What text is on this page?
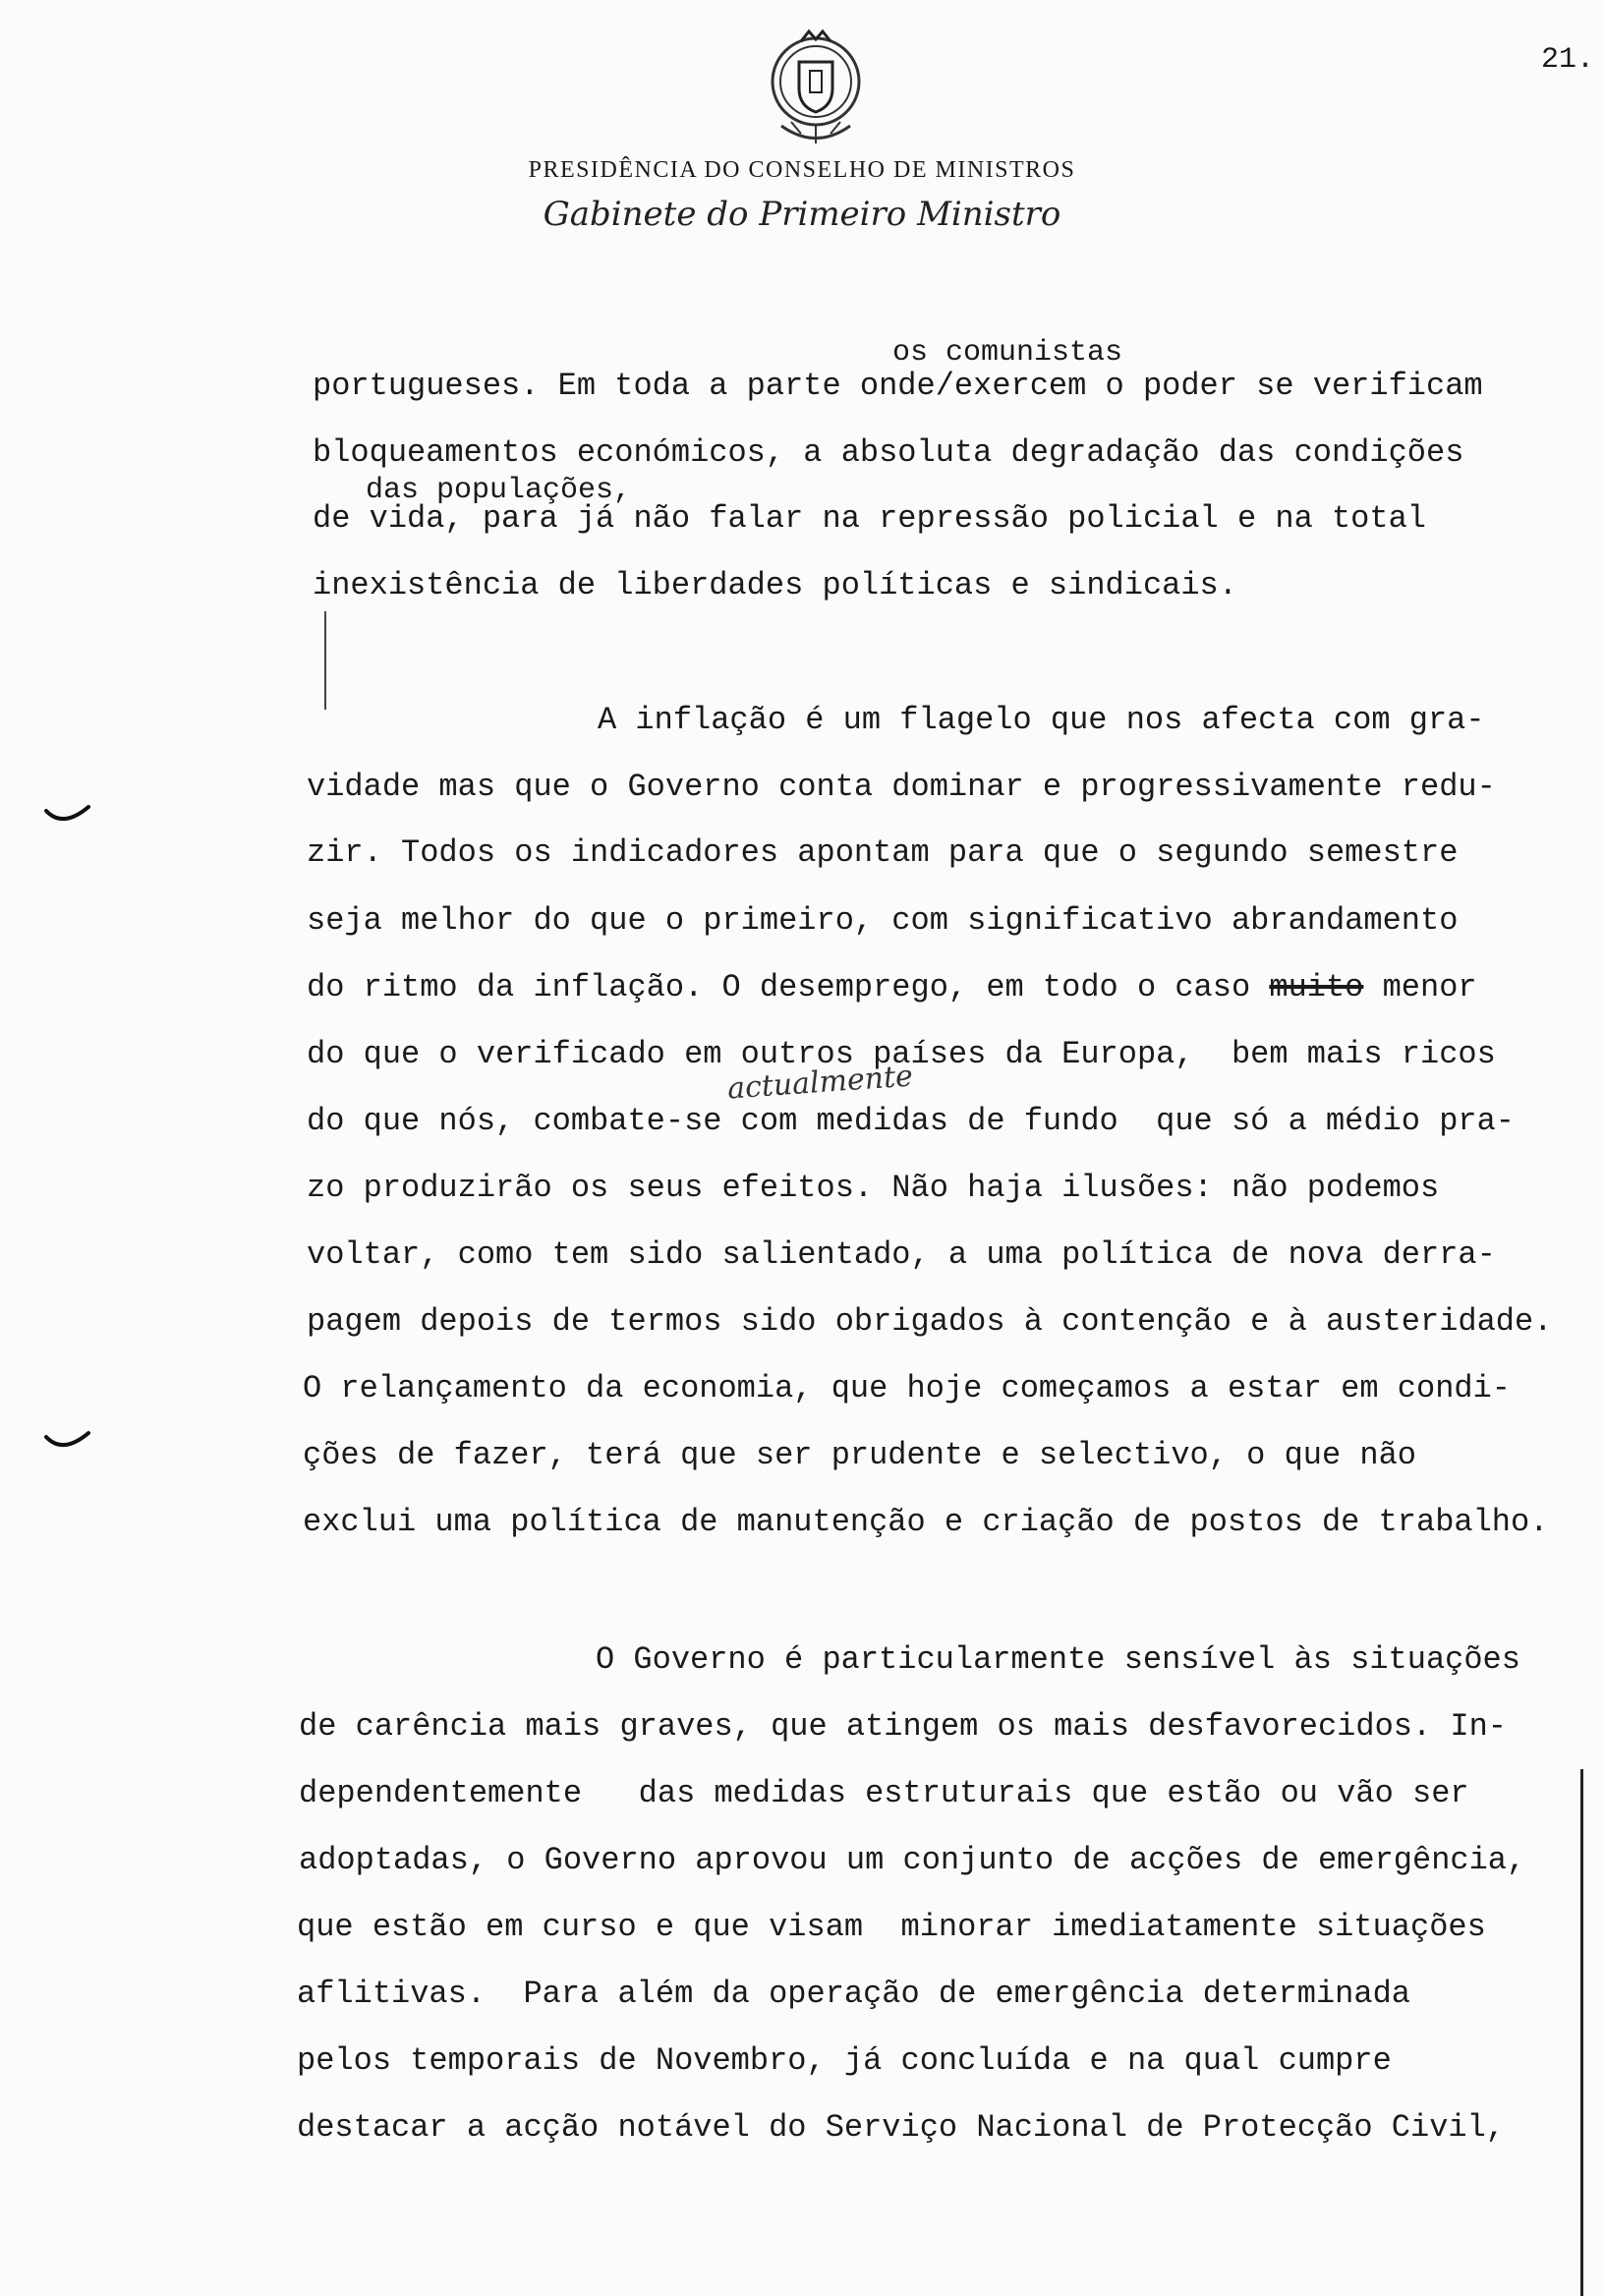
21.
PRESIDÊNCIA DO CONSELHO DE MINISTROS
Gabinete do Primeiro Ministro
os comunistas
das populações,
actualmente
portugueses. Em toda a parte onde/exercem o poder se verificam
bloqueamentos económicos, a absoluta degradação das condições
de vida, para já não falar na repressão policial e na total
inexistência de liberdades políticas e sindicais.
A inflação é um flagelo que nos afecta com gra-
vidade mas que o Governo conta dominar e progressivamente redu-
zir. Todos os indicadores apontam para que o segundo semestre
seja melhor do que o primeiro, com significativo abrandamento
do ritmo da inflação. O desemprego, em todo o caso muito menor
do que o verificado em outros países da Europa,  bem mais ricos
do que nós, combate-se com medidas de fundo  que só a médio pra-
zo produzirão os seus efeitos. Não haja ilusões: não podemos
voltar, como tem sido salientado, a uma política de nova derra-
pagem depois de termos sido obrigados à contenção e à austeridade.
O relançamento da economia, que hoje começamos a estar em condi-
ções de fazer, terá que ser prudente e selectivo, o que não
exclui uma política de manutenção e criação de postos de trabalho.
O Governo é particularmente sensível às situações
de carência mais graves, que atingem os mais desfavorecidos. In-
dependentemente   das medidas estruturais que estão ou vão ser
adoptadas, o Governo aprovou um conjunto de acções de emergência,
que estão em curso e que visam  minorar imediatamente situações
aflitivas.  Para além da operação de emergência determinada
pelos temporais de Novembro, já concluída e na qual cumpre
destacar a acção notável do Serviço Nacional de Protecção Civil,
